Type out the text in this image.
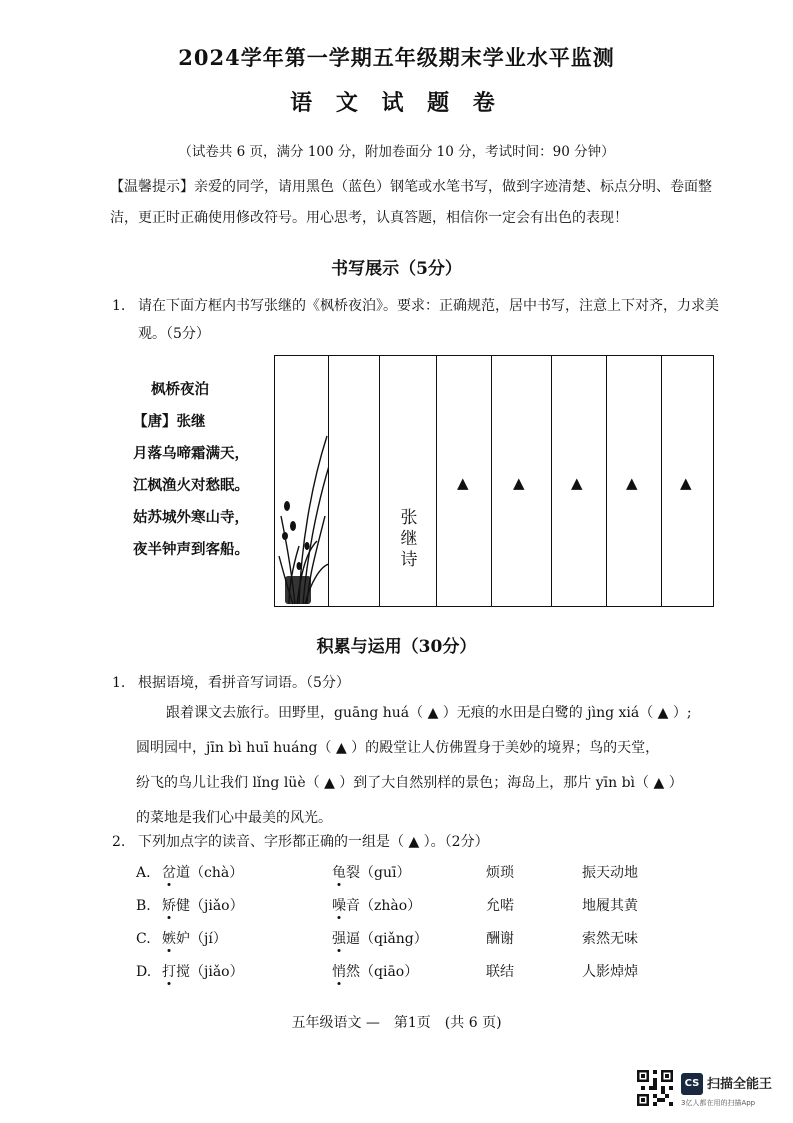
2024学年第一学期五年级期末学业水平监测
语 文 试 题 卷
（试卷共 6 页，满分 100 分，附加卷面分 10 分，考试时间：90 分钟）
【温馨提示】亲爱的同学，请用黑色（蓝色）钢笔或水笔书写，做到字迹清楚、标点分明、卷面整洁，更正时正确使用修改符号。用心思考，认真答题，相信你一定会有出色的表现！
书写展示（5分）
1. 请在下面方框内书写张继的《枫桥夜泊》。要求：正确规范，居中书写，注意上下对齐，力求美观。（5分）
枫桥夜泊
【唐】张继
月落乌啼霜满天，
江枫渔火对愁眠。
姑苏城外寒山寺，
夜半钟声到客船。
张继诗
▲	▲	▲	▲	▲
积累与运用（30分）
1. 根据语境，看拼音写词语。（5分）
跟着课文去旅行。田野里，guāng huá（ ▲ ）无痕的水田是白鹭的 jìng xiá（ ▲ ）;
圆明园中，jīn bì huī huáng（ ▲ ）的殿堂让人仿佛置身于美妙的境界；鸟的天堂，
纷飞的鸟儿让我们 lǐng lüè（ ▲ ）到了大自然别样的景色；海岛上，那片 yīn bì（ ▲ ）
的菜地是我们心中最美的风光。
2. 下列加点字的读音、字形都正确的一组是（ ▲ ）。（2分）
A. 岔道（chà）	龟裂（guī）	烦琐	振天动地
B. 矫健（jiǎo）	噪音（zhào）	允喏	地履其黄
C. 嫉妒（jí）	强逼（qiǎng）	酬谢	索然无味
D. 打搅（jiǎo）	悄然（qiāo）	联结	人影焯焯
五年级语文 —　第1页　(共 6 页)
CS 扫描全能王
3亿人都在用的扫描App
